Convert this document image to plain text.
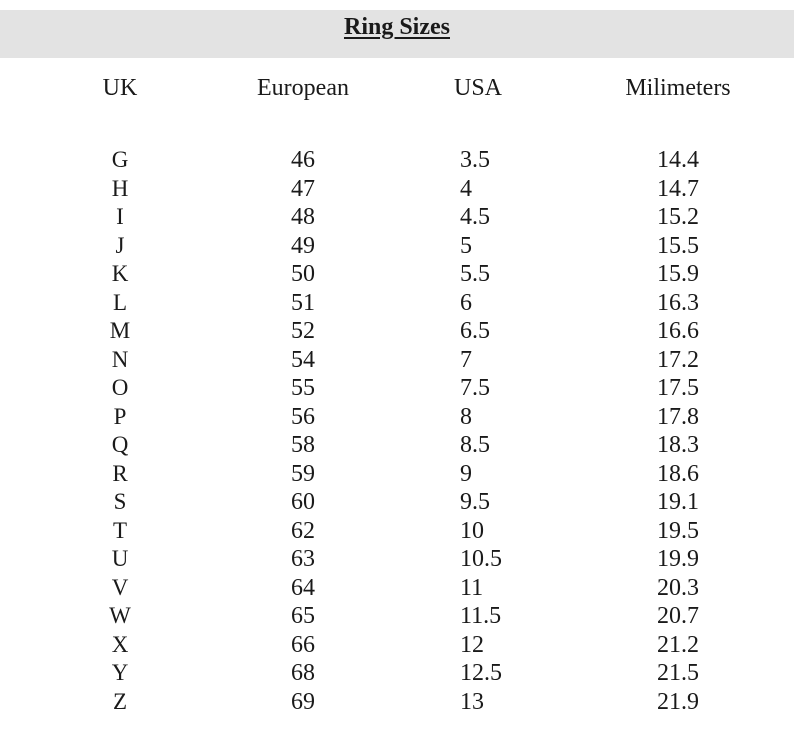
Ring Sizes
UK	European	USA	Milimeters
G	46	3.5	14.4
H	47	4	14.7
I	48	4.5	15.2
J	49	5	15.5
K	50	5.5	15.9
L	51	6	16.3
M	52	6.5	16.6
N	54	7	17.2
O	55	7.5	17.5
P	56	8	17.8
Q	58	8.5	18.3
R	59	9	18.6
S	60	9.5	19.1
T	62	10	19.5
U	63	10.5	19.9
V	64	11	20.3
W	65	11.5	20.7
X	66	12	21.2
Y	68	12.5	21.5
Z	69	13	21.9
